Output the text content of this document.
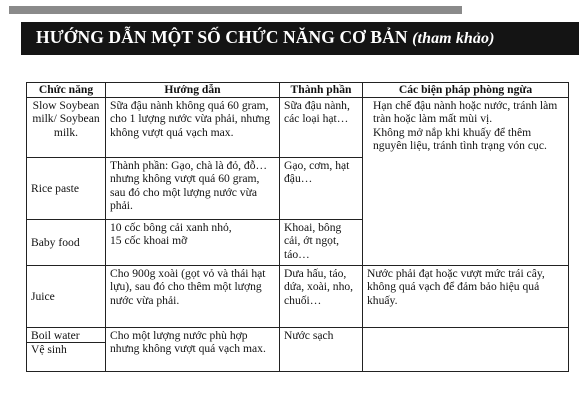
HƯỚNG DẪN MỘT SỐ CHỨC NĂNG CƠ BẢN (tham khảo)
Chức năng	Hướng dẫn	Thành phần	Các biện pháp phòng ngừa
Slow Soybean milk/ Soybean milk.	Sữa đậu nành không quá 60 gram, cho 1 lượng nước vừa phải, nhưng không vượt quá vạch max.	Sữa đậu nành, các loại hạt…	Hạn chế đậu nành hoặc nước, tránh làm tràn hoặc làm mất mùi vị.
Không mở nắp khi khuấy để thêm nguyên liệu, tránh tình trạng vón cục.

Rice paste	Thành phần: Gạo, chà là đỏ, đỗ… nhưng không vượt quá 60 gram, sau đó cho một lượng nước vừa phải.	Gạo, cơm, hạt đậu…	
Baby food	10 cốc bông cải xanh nhỏ,
15 cốc khoai mỡ	Khoai, bông cải, ớt ngọt, táo…	
Juice	Cho 900g xoài (gọt vỏ và thái hạt lựu), sau đó cho thêm một lượng nước vừa phải.	Dưa hấu, táo, dứa, xoài, nho, chuối…	Nước phải đạt hoặc vượt mức trái cây, không quá vạch để đảm bảo hiệu quả khuấy.

Boil water
Vệ sinh	Cho một lượng nước phù hợp nhưng không vượt quá vạch max.	Nước sạch	
